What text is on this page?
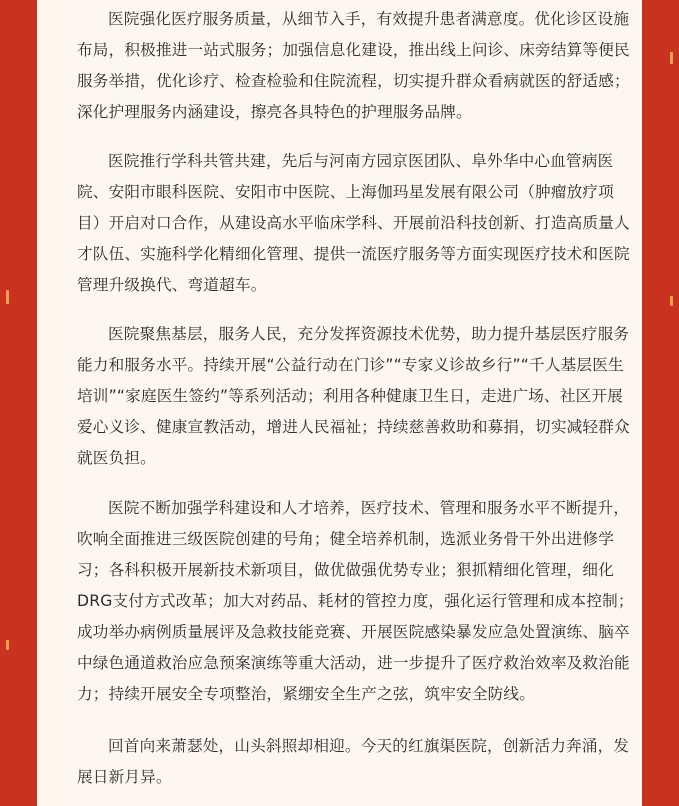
医院强化医疗服务质量，从细节入手，有效提升患者满意度。优化诊区设施布局，积极推进一站式服务；加强信息化建设，推出线上问诊、床旁结算等便民服务举措，优化诊疗、检查检验和住院流程，切实提升群众看病就医的舒适感；深化护理服务内涵建设，擦亮各具特色的护理服务品牌。

医院推行学科共管共建，先后与河南方园京医团队、阜外华中心血管病医院、安阳市眼科医院、安阳市中医院、上海伽玛星发展有限公司（肿瘤放疗项目）开启对口合作，从建设高水平临床学科、开展前沿科技创新、打造高质量人才队伍、实施科学化精细化管理、提供一流医疗服务等方面实现医疗技术和医院管理升级换代、弯道超车。

医院聚焦基层，服务人民，充分发挥资源技术优势，助力提升基层医疗服务能力和服务水平。持续开展“公益行动在门诊”“专家义诊故乡行”“千人基层医生培训”“家庭医生签约”等系列活动；利用各种健康卫生日，走进广场、社区开展爱心义诊、健康宣教活动，增进人民福祉；持续慈善救助和募捐，切实减轻群众就医负担。

医院不断加强学科建设和人才培养，医疗技术、管理和服务水平不断提升，吹响全面推进三级医院创建的号角；健全培养机制，选派业务骨干外出进修学习；各科积极开展新技术新项目，做优做强优势专业；狠抓精细化管理，细化DRG支付方式改革；加大对药品、耗材的管控力度，强化运行管理和成本控制；成功举办病例质量展评及急救技能竞赛、开展医院感染暴发应急处置演练、脑卒中绿色通道救治应急预案演练等重大活动，进一步提升了医疗救治效率及救治能力；持续开展安全专项整治，紧绷安全生产之弦，筑牢安全防线。

回首向来萧瑟处，山头斜照却相迎。今天的红旗渠医院，创新活力奔涌，发展日新月异。
